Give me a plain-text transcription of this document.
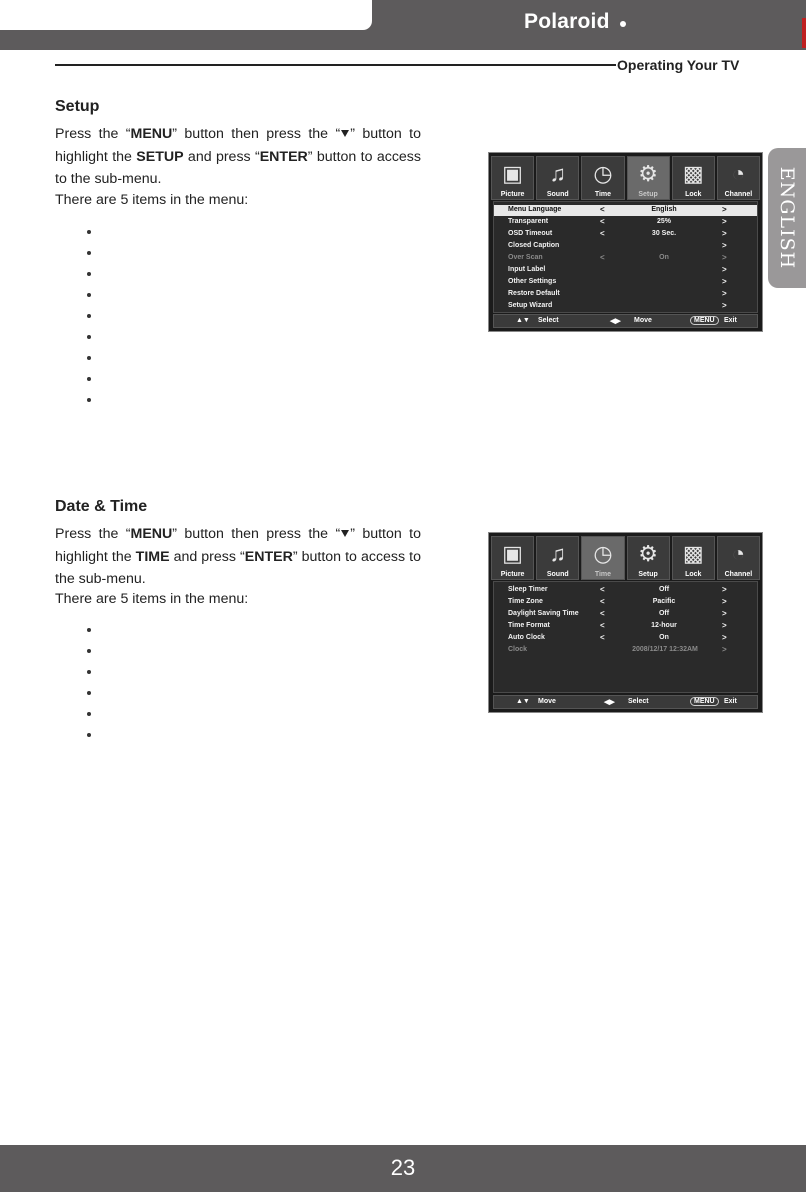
Polaroid
Operating Your TV
ENGLISH
Setup
Press the “MENU” button then press the “ ” button to highlight the SETUP and press “ENTER” button to access to the sub-menu.
There are 5 items in the menu:
▣
Picture
♫
Sound
◷
Time
⚙
Setup
▩
Lock
◔
Channel
Menu Language	<	English	>
Transparent	<	25%	>
OSD Timeout	<	30 Sec.	>
Closed Caption	>
Over Scan	<	On	>
Input Label	>
Other Settings	>
Restore Default	>
Setup Wizard	>
▲▼ Select	◀▶ Move	MENU	Exit
Date & Time
Press the “MENU” button then press the “ ” button to highlight the TIME and press “ENTER” button to access to the sub-menu.
There are 5 items in the menu:
▣
Picture
♫
Sound
◷
Time
⚙
Setup
▩
Lock
◔
Channel
Sleep Timer	<	Off	>
Time Zone	<	Pacific	>
Daylight Saving Time	<	Off	>
Time Format	<	12-hour	>
Auto Clock	<	On	>
Clock	2008/12/17 12:32AM	>
▲▼ Move	◀▶ Select	MENU	Exit
23
